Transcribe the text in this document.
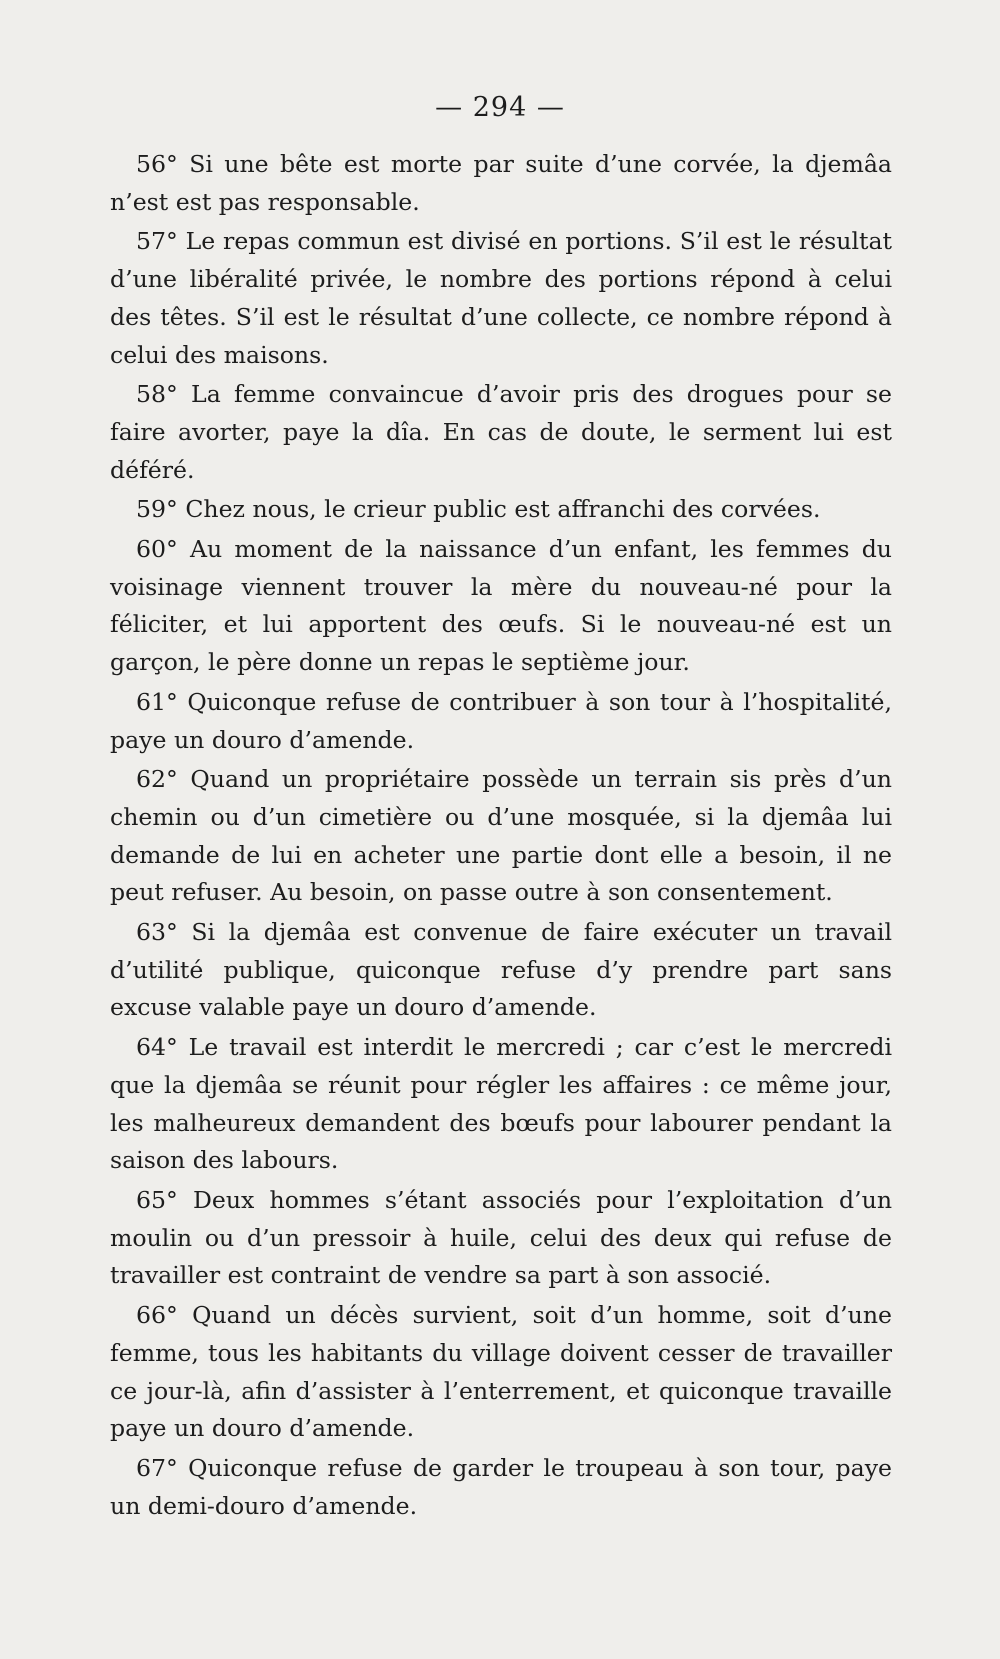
— 294 —

56° Si une bête est morte par suite d’une corvée, la djemâa n’est est pas responsable.

57° Le repas commun est divisé en portions. S’il est le résultat d’une libéralité privée, le nombre des portions répond à celui des têtes. S’il est le résultat d’une collecte, ce nombre répond à celui des maisons.

58° La femme convaincue d’avoir pris des drogues pour se faire avorter, paye la dîa. En cas de doute, le serment lui est déféré.

59° Chez nous, le crieur public est affranchi des corvées.

60° Au moment de la naissance d’un enfant, les femmes du voisinage viennent trouver la mère du nouveau-né pour la féliciter, et lui apportent des œufs. Si le nouveau-né est un garçon, le père donne un repas le septième jour.

61° Quiconque refuse de contribuer à son tour à l’hospitalité, paye un douro d’amende.

62° Quand un propriétaire possède un terrain sis près d’un chemin ou d’un cimetière ou d’une mosquée, si la djemâa lui demande de lui en acheter une partie dont elle a besoin, il ne peut refuser. Au besoin, on passe outre à son consentement.

63° Si la djemâa est convenue de faire exécuter un travail d’utilité publique, quiconque refuse d’y prendre part sans excuse valable paye un douro d’amende.

64° Le travail est interdit le mercredi ; car c’est le mercredi que la djemâa se réunit pour régler les affaires : ce même jour, les malheureux demandent des bœufs pour labourer pendant la saison des labours.

65° Deux hommes s’étant associés pour l’exploitation d’un moulin ou d’un pressoir à huile, celui des deux qui refuse de travailler est contraint de vendre sa part à son associé.

66° Quand un décès survient, soit d’un homme, soit d’une femme, tous les habitants du village doivent cesser de travailler ce jour-là, afin d’assister à l’enterrement, et quiconque travaille paye un douro d’amende.

67° Quiconque refuse de garder le troupeau à son tour, paye un demi-douro d’amende.
